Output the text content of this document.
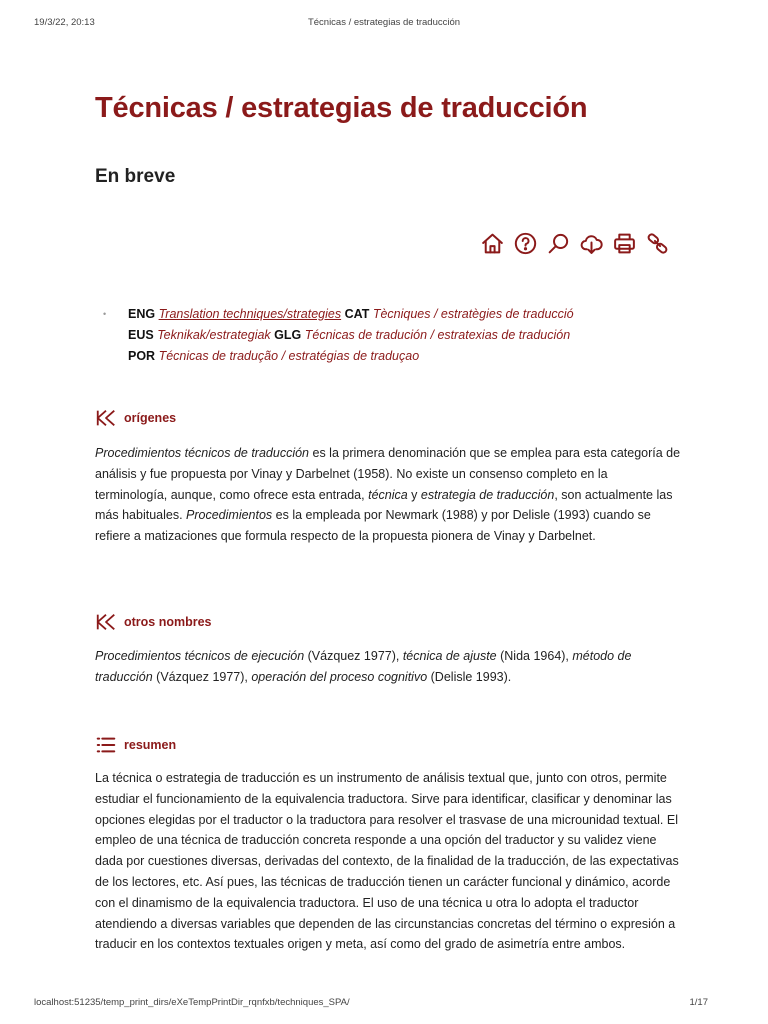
19/3/22, 20:13	Técnicas / estrategias de traducción
Técnicas / estrategias de traducción
En breve
• ENG Translation techniques/strategies CAT Tècniques / estratègies de traducció
EUS Teknikak/estrategiak GLG Técnicas de tradución / estratexias de tradución
POR Técnicas de tradução / estratégias de traduçao
orígenes

Procedimientos técnicos de traducción es la primera denominación que se emplea para esta categoría de análisis y fue propuesta por Vinay y Darbelnet (1958). No existe un consenso completo en la terminología, aunque, como ofrece esta entrada, técnica y estrategia de traducción, son actualmente las más habituales. Procedimientos es la empleada por Newmark (1988) y por Delisle (1993) cuando se refiere a matizaciones que formula respecto de la propuesta pionera de Vinay y Darbelnet.

otros nombres

Procedimientos técnicos de ejecución (Vázquez 1977), técnica de ajuste (Nida 1964), método de traducción (Vázquez 1977), operación del proceso cognitivo (Delisle 1993).

resumen

La técnica o estrategia de traducción es un instrumento de análisis textual que, junto con otros, permite estudiar el funcionamiento de la equivalencia traductora. Sirve para identificar, clasificar y denominar las opciones elegidas por el traductor o la traductora para resolver el trasvase de una microunidad textual. El empleo de una técnica de traducción concreta responde a una opción del traductor y su validez viene dada por cuestiones diversas, derivadas del contexto, de la finalidad de la traducción, de las expectativas de los lectores, etc. Así pues, las técnicas de traducción tienen un carácter funcional y dinámico, acorde con el dinamismo de la equivalencia traductora. El uso de una técnica u otra lo adopta el traductor atendiendo a diversas variables que dependen de las circunstancias concretas del término o expresión a traducir en los contextos textuales origen y meta, así como del grado de asimetría entre ambos.

localhost:51235/temp_print_dirs/eXeTempPrintDir_rqnfxb/techniques_SPA/	1/17
